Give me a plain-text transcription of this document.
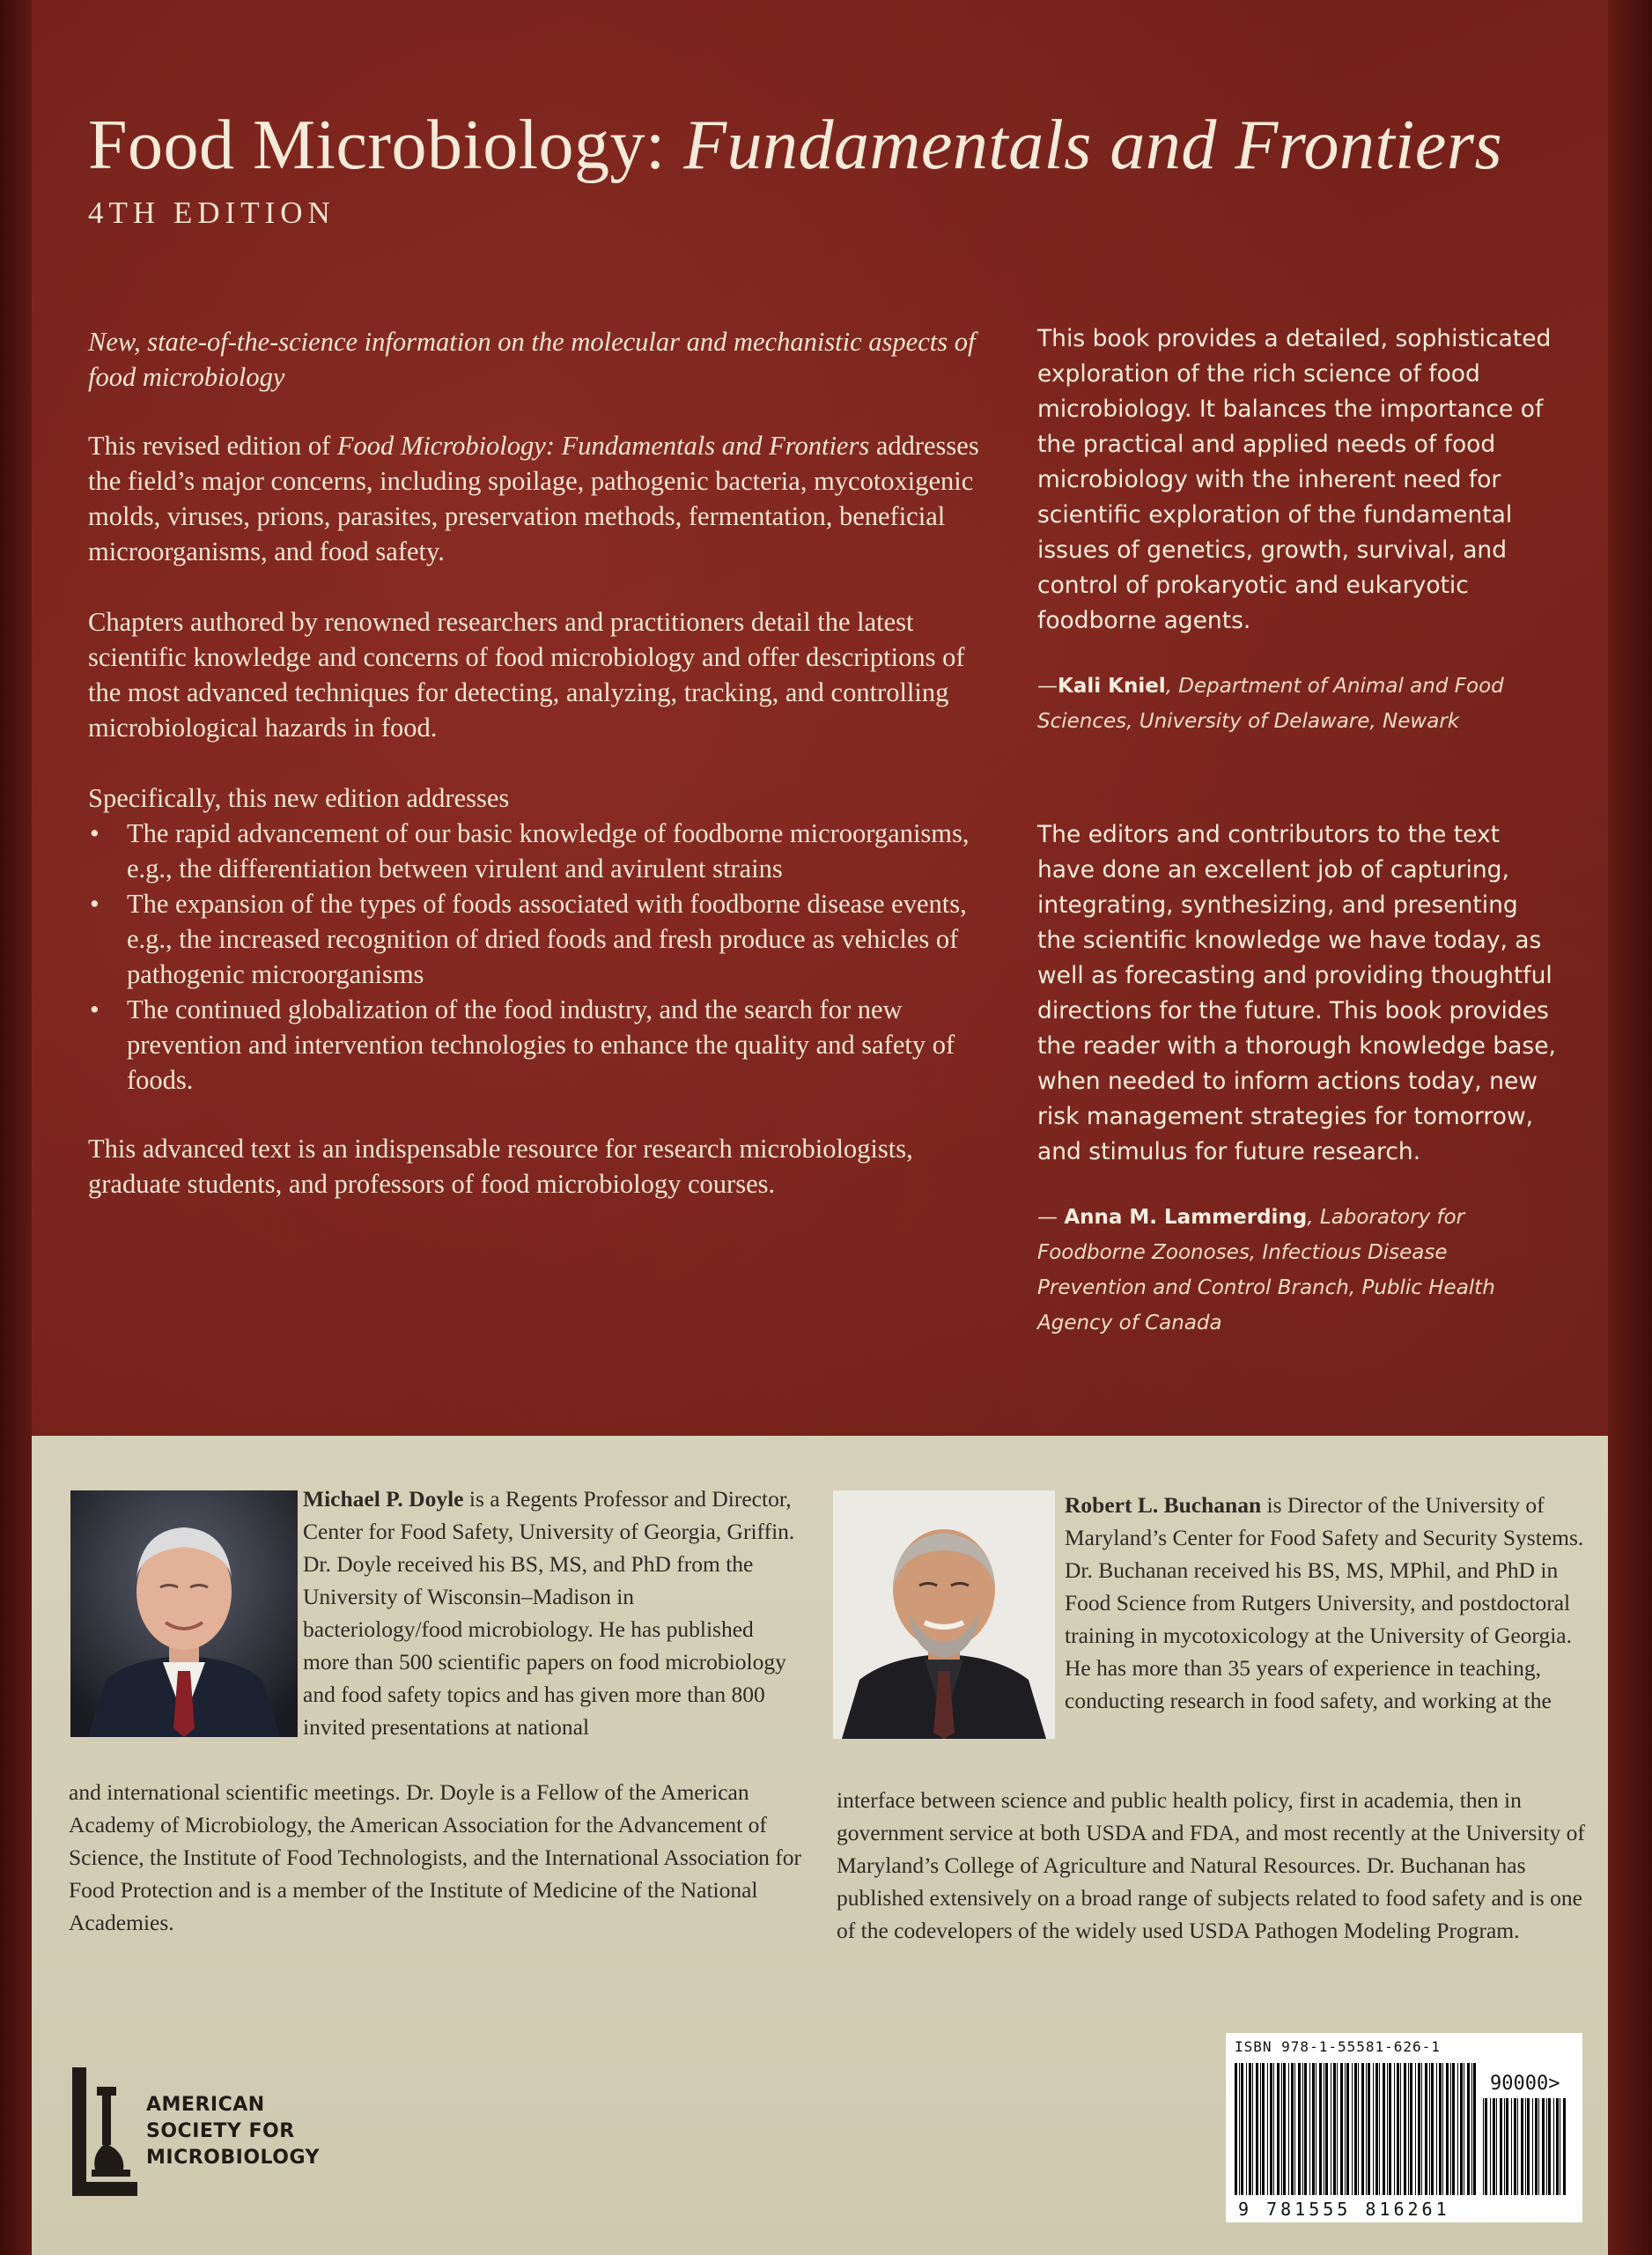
Food Microbiology: Fundamentals and Frontiers
4TH EDITION

New, state-of-the-science information on the molecular and mechanistic aspects of food microbiology

This revised edition of Food Microbiology: Fundamentals and Frontiers addresses the field’s major concerns, including spoilage, pathogenic bacteria, mycotoxigenic molds, viruses, prions, parasites, preservation methods, fermentation, beneficial microorganisms, and food safety.

Chapters authored by renowned researchers and practitioners detail the latest scientific knowledge and concerns of food microbiology and offer descriptions of the most advanced techniques for detecting, analyzing, tracking, and controlling microbiological hazards in food.

Specifically, this new edition addresses

• The rapid advancement of our basic knowledge of foodborne microorganisms, e.g., the differentiation between virulent and avirulent strains
• The expansion of the types of foods associated with foodborne disease events, e.g., the increased recognition of dried foods and fresh produce as vehicles of pathogenic microorganisms
• The continued globalization of the food industry, and the search for new prevention and intervention technologies to enhance the quality and safety of foods.

This advanced text is an indispensable resource for research microbiologists, graduate students, and professors of food microbiology courses.

This book provides a detailed, sophisticated exploration of the rich science of food microbiology. It balances the importance of the practical and applied needs of food microbiology with the inherent need for scientific exploration of the fundamental issues of genetics, growth, survival, and control of prokaryotic and eukaryotic foodborne agents.

—Kali Kniel, Department of Animal and Food Sciences, University of Delaware, Newark

The editors and contributors to the text have done an excellent job of capturing, integrating, synthesizing, and presenting the scientific knowledge we have today, as well as forecasting and providing thoughtful directions for the future. This book provides the reader with a thorough knowledge base, when needed to inform actions today, new risk management strategies for tomorrow, and stimulus for future research.

— Anna M. Lammerding, Laboratory for Foodborne Zoonoses, Infectious Disease Prevention and Control Branch, Public Health Agency of Canada

Michael P. Doyle is a Regents Professor and Director, Center for Food Safety, University of Georgia, Griffin. Dr. Doyle received his BS, MS, and PhD from the University of Wisconsin–Madison in bacteriology/food microbiology. He has published more than 500 scientific papers on food microbiology and food safety topics and has given more than 800 invited presentations at national

and international scientific meetings. Dr. Doyle is a Fellow of the American Academy of Microbiology, the American Association for the Advancement of Science, the Institute of Food Technologists, and the International Association for Food Protection and is a member of the Institute of Medicine of the National Academies.

Robert L. Buchanan is Director of the University of Maryland’s Center for Food Safety and Security Systems. Dr. Buchanan received his BS, MS, MPhil, and PhD in Food Science from Rutgers University, and postdoctoral training in mycotoxicology at the University of Georgia. He has more than 35 years of experience in teaching, conducting research in food safety, and working at the

interface between science and public health policy, first in academia, then in government service at both USDA and FDA, and most recently at the University of Maryland’s College of Agriculture and Natural Resources. Dr. Buchanan has published extensively on a broad range of subjects related to food safety and is one of the codevelopers of the widely used USDA Pathogen Modeling Program.

AMERICAN
SOCIETY FOR
MICROBIOLOGY
ISBN 978-1-55581-626-1
90000>
9 781555 816261
